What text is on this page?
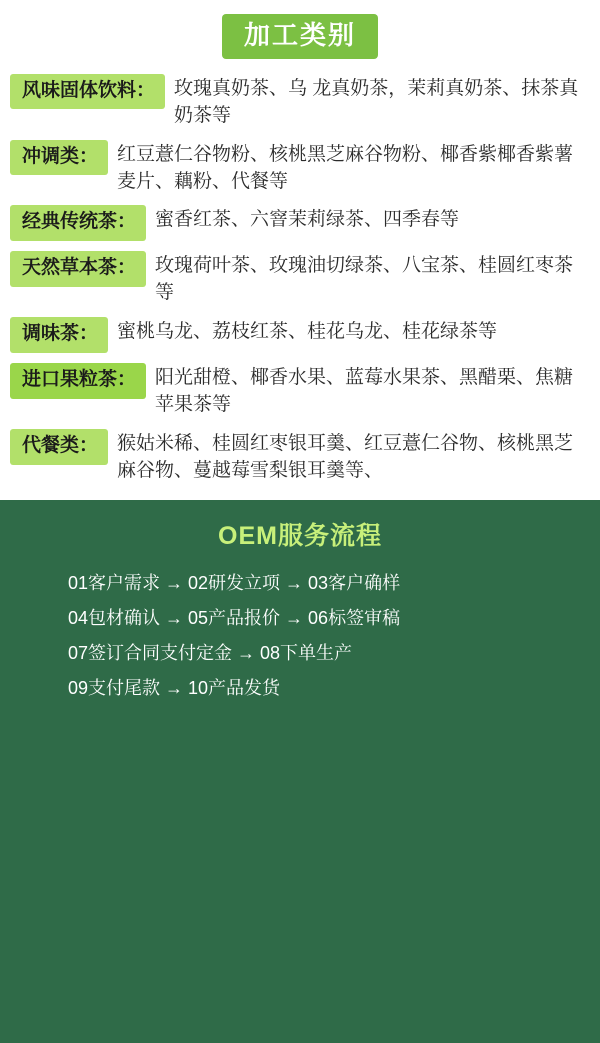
加工类别
风味固体饮料：	玫瑰真奶茶、乌 龙真奶茶，茉莉真奶茶、抹茶真奶茶等
冲调类：	红豆薏仁谷物粉、核桃黑芝麻谷物粉、椰香紫椰香紫薯麦片、藕粉、代餐等
经典传统茶：	蜜香红茶、六窨茉莉绿茶、四季春等
天然草本茶：	玫瑰荷叶茶、玫瑰油切绿茶、八宝茶、桂圆红枣茶等
调味茶：	蜜桃乌龙、荔枝红茶、桂花乌龙、桂花绿茶等
进口果粒茶：	阳光甜橙、椰香水果、蓝莓水果茶、黑醋栗、焦糖苹果茶等
代餐类：	猴姑米稀、桂圆红枣银耳羹、红豆薏仁谷物、核桃黑芝麻谷物、蔓越莓雪梨银耳羹等、
OEM服务流程
01客户需求 → 02研发立项 → 03客户确样
04包材确认 → 05产品报价 → 06标签审稿
07签订合同支付定金 → 08下单生产
09支付尾款 → 10产品发货
